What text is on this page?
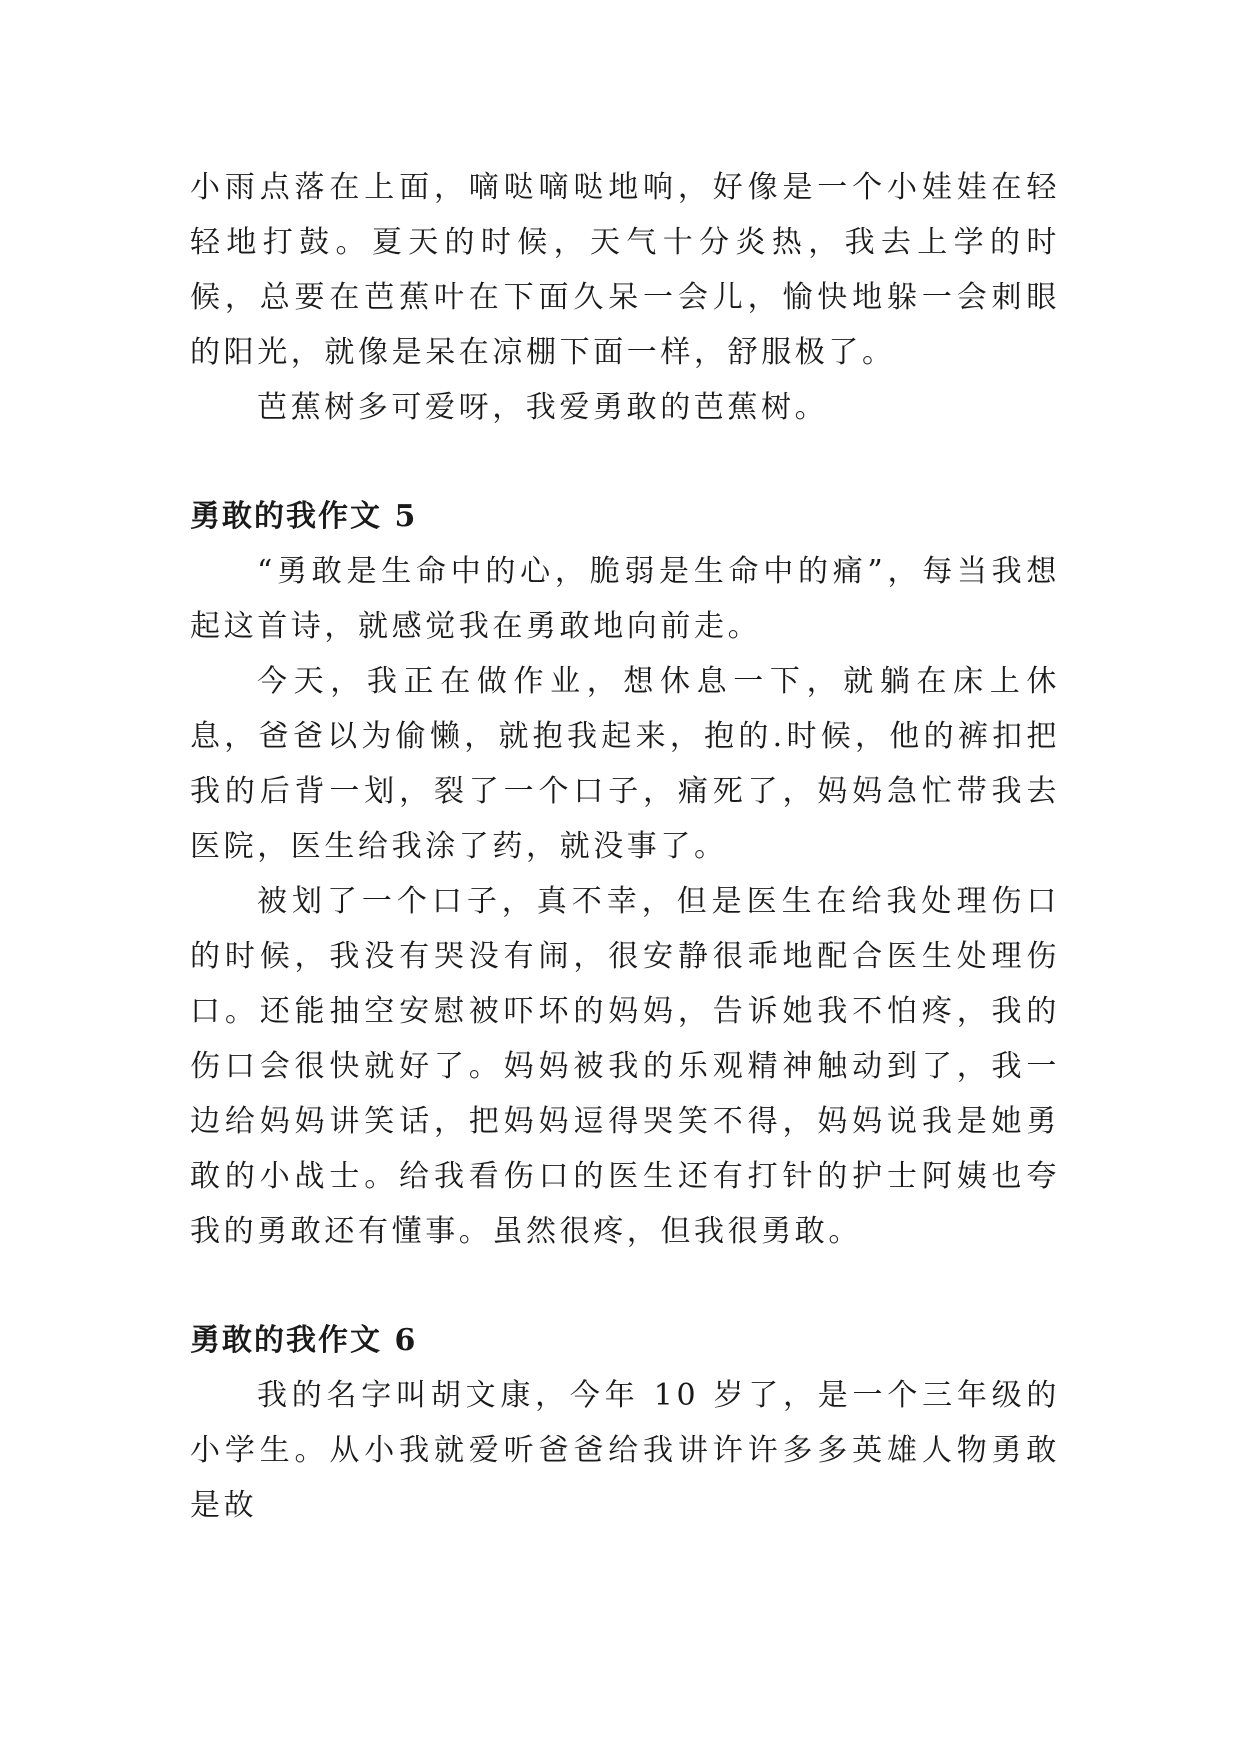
小雨点落在上面，嘀哒嘀哒地响，好像是一个小娃娃在轻轻地打鼓。夏天的时候，天气十分炎热，我去上学的时候，总要在芭蕉叶在下面久呆一会儿，愉快地躲一会刺眼的阳光，就像是呆在凉棚下面一样，舒服极了。

芭蕉树多可爱呀，我爱勇敢的芭蕉树。

勇敢的我作文 5

“勇敢是生命中的心，脆弱是生命中的痛”，每当我想起这首诗，就感觉我在勇敢地向前走。

今天，我正在做作业，想休息一下，就躺在床上休息，爸爸以为偷懒，就抱我起来，抱的.时候，他的裤扣把我的后背一划，裂了一个口子，痛死了，妈妈急忙带我去医院，医生给我涂了药，就没事了。

被划了一个口子，真不幸，但是医生在给我处理伤口的时候，我没有哭没有闹，很安静很乖地配合医生处理伤口。还能抽空安慰被吓坏的妈妈，告诉她我不怕疼，我的伤口会很快就好了。妈妈被我的乐观精神触动到了，我一边给妈妈讲笑话，把妈妈逗得哭笑不得，妈妈说我是她勇敢的小战士。给我看伤口的医生还有打针的护士阿姨也夸我的勇敢还有懂事。虽然很疼，但我很勇敢。

勇敢的我作文 6

我的名字叫胡文康，今年 10 岁了，是一个三年级的小学生。从小我就爱听爸爸给我讲许许多多英雄人物勇敢是故
